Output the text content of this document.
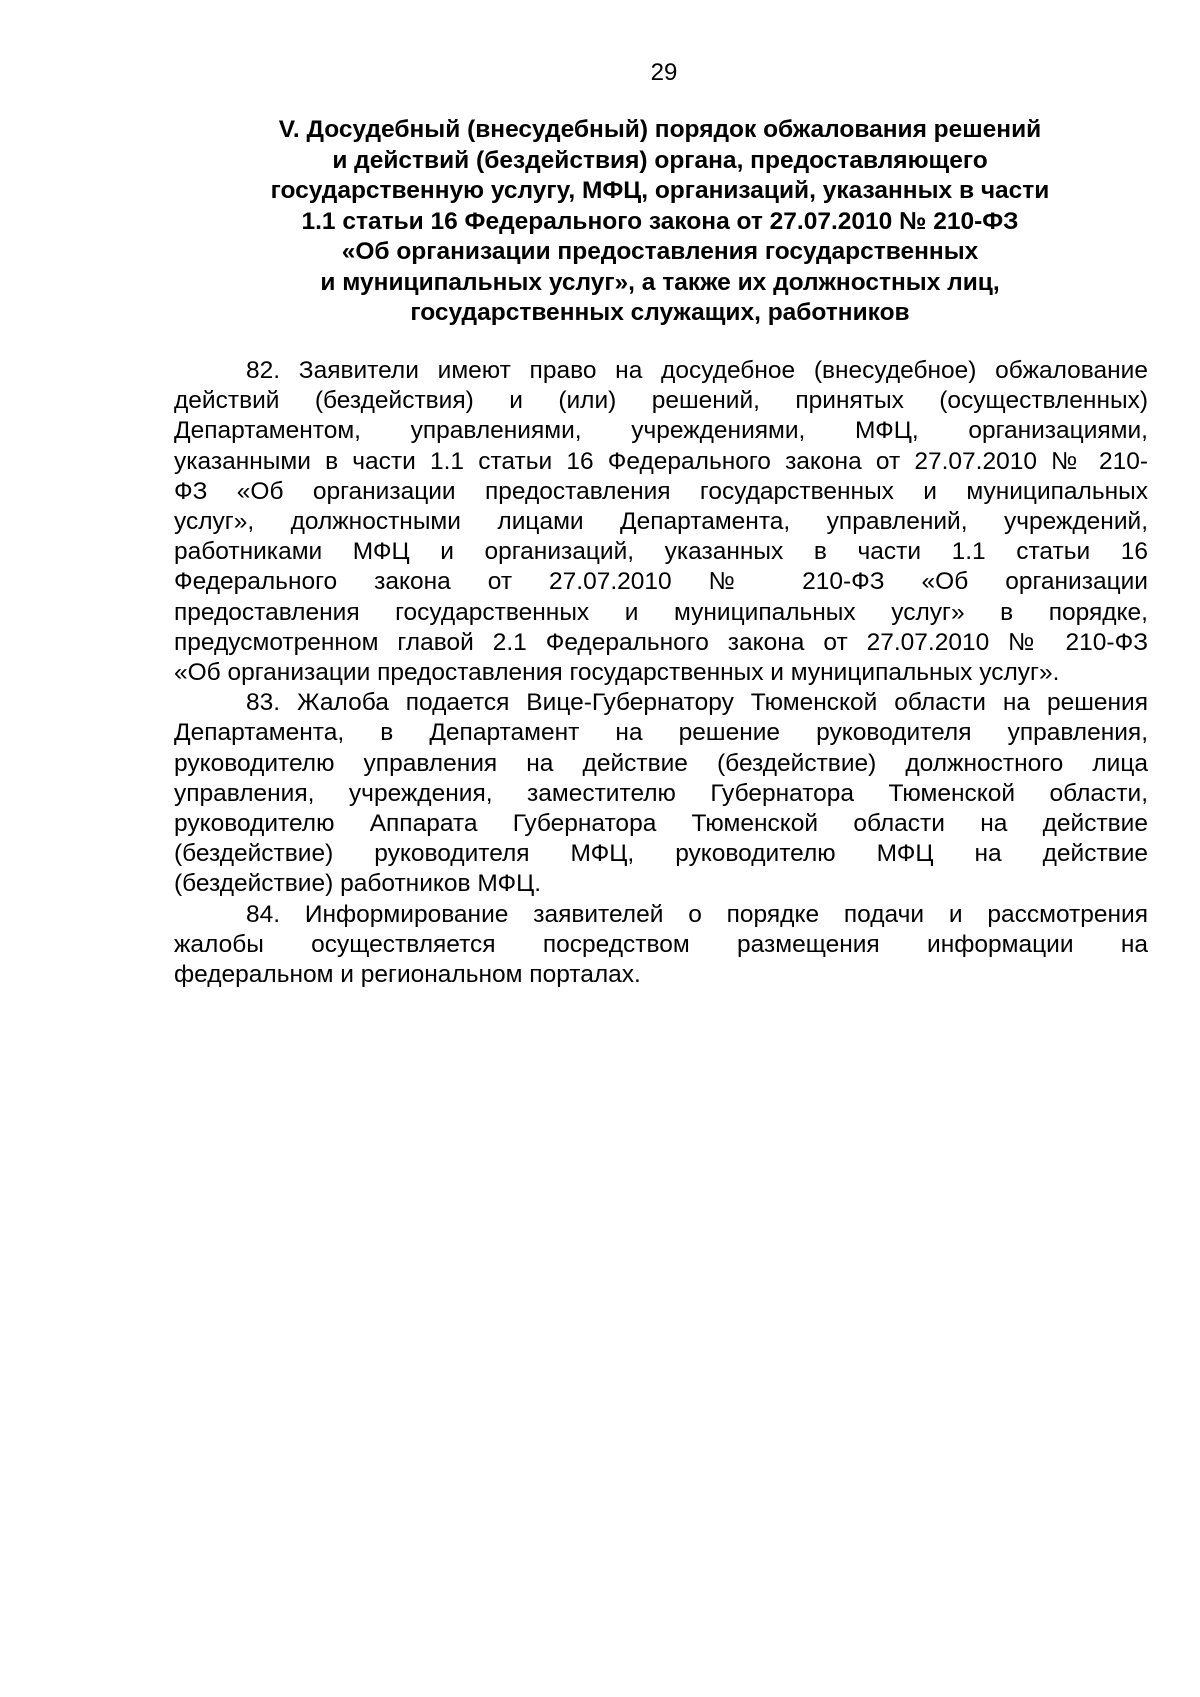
29
V. Досудебный (внесудебный) порядок обжалования решений
и действий (бездействия) органа, предоставляющего
государственную услугу, МФЦ, организаций, указанных в части
1.1 статьи 16 Федерального закона от 27.07.2010 № 210-ФЗ
«Об организации предоставления государственных
и муниципальных услуг», а также их должностных лиц,
государственных служащих, работников
82. Заявители имеют право на досудебное (внесудебное) обжалование
действий (бездействия) и (или) решений, принятых (осуществленных)
Департаментом, управлениями, учреждениями, МФЦ, организациями,
указанными в части 1.1 статьи 16 Федерального закона от 27.07.2010 № 210-
ФЗ «Об организации предоставления государственных и муниципальных
услуг», должностными лицами Департамента, управлений, учреждений,
работниками МФЦ и организаций, указанных в части 1.1 статьи 16
Федерального закона от 27.07.2010 № 210-ФЗ «Об организации
предоставления государственных и муниципальных услуг» в порядке,
предусмотренном главой 2.1 Федерального закона от 27.07.2010 № 210-ФЗ
«Об организации предоставления государственных и муниципальных услуг».
83. Жалоба подается Вице-Губернатору Тюменской области на решения
Департамента, в Департамент на решение руководителя управления,
руководителю управления на действие (бездействие) должностного лица
управления, учреждения, заместителю Губернатора Тюменской области,
руководителю Аппарата Губернатора Тюменской области на действие
(бездействие) руководителя МФЦ, руководителю МФЦ на действие
(бездействие) работников МФЦ.
84. Информирование заявителей о порядке подачи и рассмотрения
жалобы осуществляется посредством размещения информации на
федеральном и региональном порталах.
